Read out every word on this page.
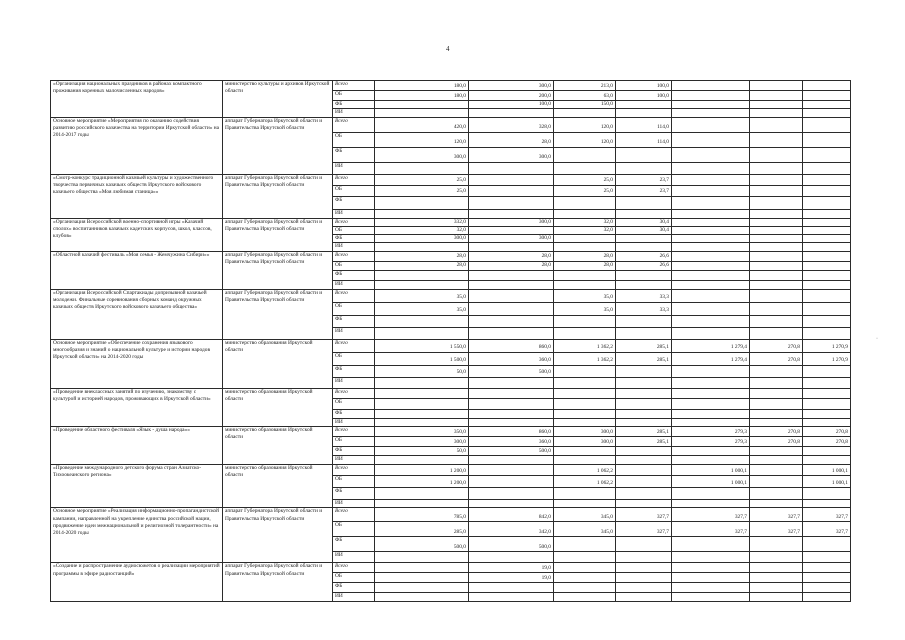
4
«Организация национальных праздников в районах компактного проживания коренных малочисленных народов»	министерство культуры и архивов Иркутской области	Всего	180,0	300,0	213,0	100,0			
		ОБ	180,0	200,0	63,0	100,0			
		ФБ		100,0	150,0				
		ИИ							
Основное мероприятие «Мероприятия по оказанию содействия развитию российского казачества на территории Иркутской области» на 2014-2017 годы	аппарат Губернатора Иркутской области и Правительства Иркутской области	Всего	420,0	328,0	120,0	114,0			
		ОБ	120,0	28,0	120,0	114,0			
		ФБ	300,0	300,0					
		ИИ							
«Смотр-конкурс традиционной казачьей культуры и художественного творчества первичных казачьих обществ Иркутского войскового казачьего общества «Моя любимая станица»»	аппарат Губернатора Иркутской области и Правительства Иркутской области	Всего	25,0		25,0	23,7			
		ОБ	25,0		25,0	23,7			
		ФБ							
		ИИ							
«Организация Всероссийской военно-спортивной игры «Казачий сполох» воспитанников казачьих кадетских корпусов, школ, классов, клубов»	аппарат Губернатора Иркутской области и Правительства Иркутской области	Всего	332,0	300,0	32,0	30,4			
		ОБ	32,0		32,0	30,4			
		ФБ	300,0	300,0					
		ИИ							
«Областной казачий фестиваль «Моя семья - Жемчужина Сибири»»	аппарат Губернатора Иркутской области и Правительства Иркутской области	Всего	28,0	28,0	28,0	26,6			
		ОБ	28,0	28,0	28,0	26,6			
		ФБ							
		ИИ							
«Организация Всероссийской Спартакиады допризывной казачьей молодежи. Финальные соревнования сборных команд окружных казачьих обществ Иркутского войскового казачьего общества»	аппарат Губернатора Иркутской области и Правительства Иркутской области	Всего	35,0		35,0	33,3			
		ОБ	35,0		35,0	33,3			
		ФБ							
		ИИ							
Основное мероприятие «Обеспечение сохранения языкового многообразия и знаний о национальной культуре и истории народов Иркутской области» на 2014-2020 годы	министерство образования Иркутской области	Всего	1 550,0	860,0	1 362,2	285,1	1 279,4	270,8	1 270,9
		ОБ	1 500,0	360,0	1 362,2	285,1	1 279,4	270,8	1 270,9
		ФБ	50,0	500,0					
		ИИ							
«Проведение внеклассных занятий по изучению, знакомству с культурой и историей народов, проживающих в Иркутской области»	министерство образования Иркутской области	Всего							
		ОБ							
		ФБ							
		ИИ							
«Проведение областного фестиваля «Язык - душа народа»»	министерство образования Иркутской области	Всего	350,0	860,0	300,0	285,1	279,3	270,8	270,8
		ОБ	300,0	360,0	300,0	285,1	279,3	270,8	270,8
		ФБ	50,0	500,0					
		ИИ							
«Проведение международного детского форума стран Азиатско-Тихоокеанского региона»	министерство образования Иркутской области	Всего	1 200,0		1 062,2		1 000,1		1 000,1
		ОБ	1 200,0		1 062,2		1 000,1		1 000,1
		ФБ							
		ИИ							
Основное мероприятие «Реализация информационно-пропагандистской кампании, направленной на укрепление единства российской нации, продвижение идеи межнациональной и религиозной толерантности» на 2014-2020 годы	аппарат Губернатора Иркутской области и Правительства Иркутской области	Всего	785,0	842,0	345,0	327,7	327,7	327,7	327,7
		ОБ	285,0	342,0	345,0	327,7	327,7	327,7	327,7
		ФБ	500,0	500,0					
		ИИ							
«Создание и распространение аудиосюжетов о реализации мероприятий программы в эфире радиостанций»	аппарат Губернатора Иркутской области и Правительства Иркутской области	Всего		19,0					
		ОБ		19,0					
		ФБ							
		ИИ							
·
